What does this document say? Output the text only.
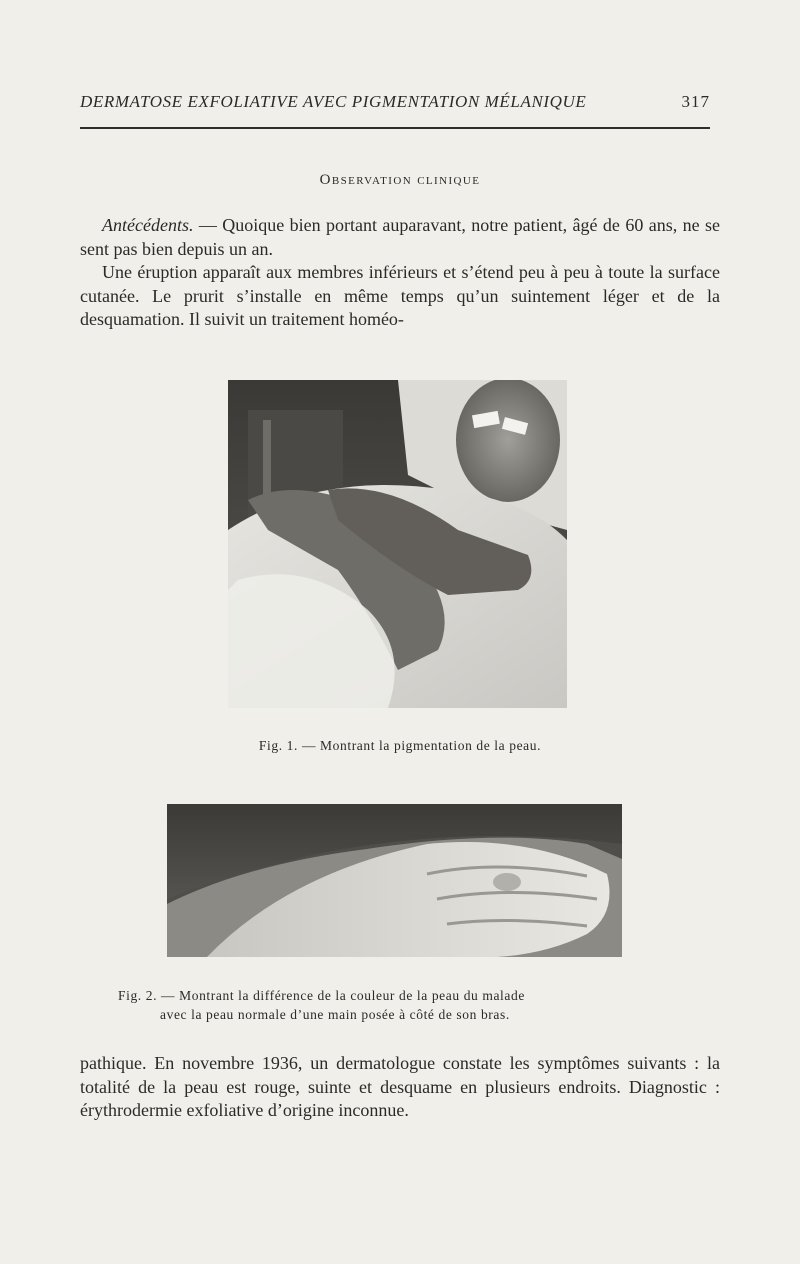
DERMATOSE EXFOLIATIVE AVEC PIGMENTATION MÉLANIQUE	317
Observation clinique

Antécédents. — Quoique bien portant auparavant, notre patient, âgé de 60 ans, ne se sent pas bien depuis un an.

Une éruption apparaît aux membres inférieurs et s’étend peu à peu à toute la surface cutanée. Le prurit s’installe en même temps qu’un suintement léger et de la desquamation. Il suivit un traitement homéo-

Fig. 1. — Montrant la pigmentation de la peau.
Fig. 2. — Montrant la différence de la couleur de la peau du malade
avec la peau normale d’une main posée à côté de son bras.

pathique. En novembre 1936, un dermatologue constate les symptômes suivants : la totalité de la peau est rouge, suinte et desquame en plusieurs endroits. Diagnostic : érythrodermie exfoliative d’origine inconnue.
